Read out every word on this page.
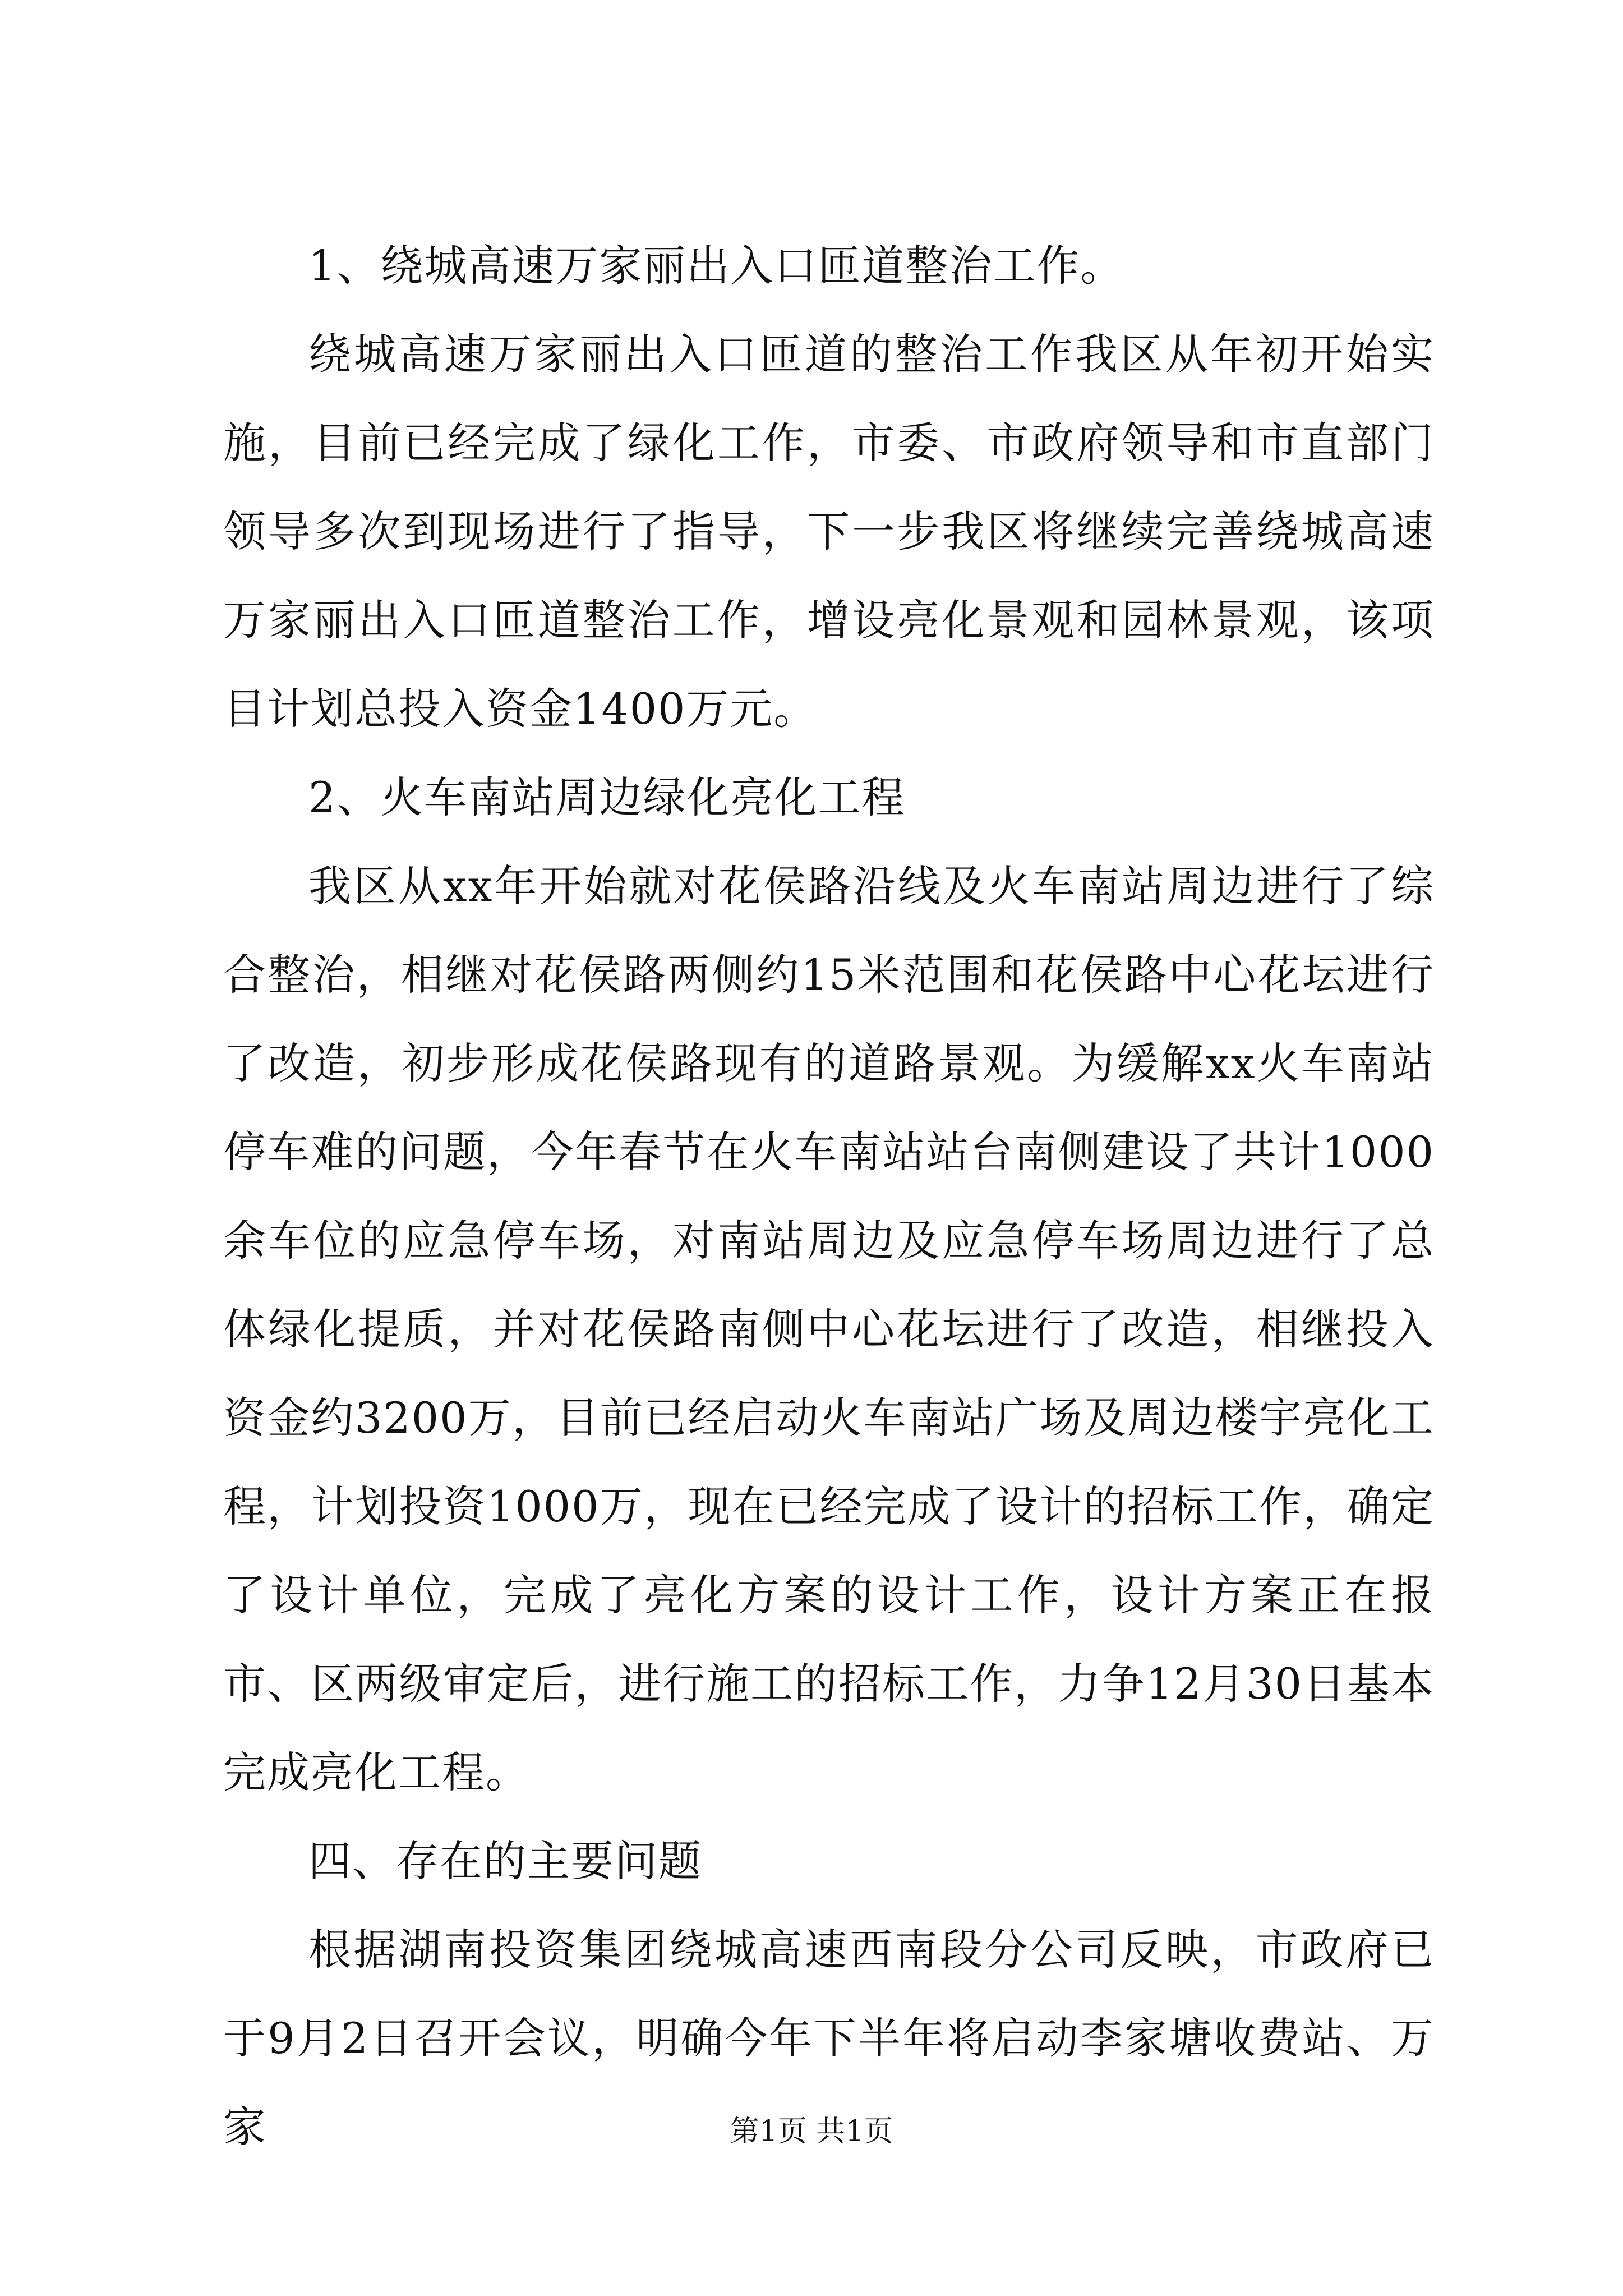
1、绕城高速万家丽出入口匝道整治工作。

绕城高速万家丽出入口匝道的整治工作我区从年初开始实施，目前已经完成了绿化工作，市委、市政府领导和市直部门领导多次到现场进行了指导，下一步我区将继续完善绕城高速万家丽出入口匝道整治工作，增设亮化景观和园林景观，该项目计划总投入资金1400万元。

2、火车南站周边绿化亮化工程

我区从xx年开始就对花侯路沿线及火车南站周边进行了综合整治，相继对花侯路两侧约15米范围和花侯路中心花坛进行了改造，初步形成花侯路现有的道路景观。为缓解xx火车南站停车难的问题，今年春节在火车南站站台南侧建设了共计1000余车位的应急停车场，对南站周边及应急停车场周边进行了总体绿化提质，并对花侯路南侧中心花坛进行了改造，相继投入资金约3200万，目前已经启动火车南站广场及周边楼宇亮化工程，计划投资1000万，现在已经完成了设计的招标工作，确定了设计单位，完成了亮化方案的设计工作，设计方案正在报市、区两级审定后，进行施工的招标工作，力争12月30日基本完成亮化工程。

四、存在的主要问题

根据湖南投资集团绕城高速西南段分公司反映，市政府已于9月2日召开会议，明确今年下半年将启动李家塘收费站、万家	第1页 共1页
